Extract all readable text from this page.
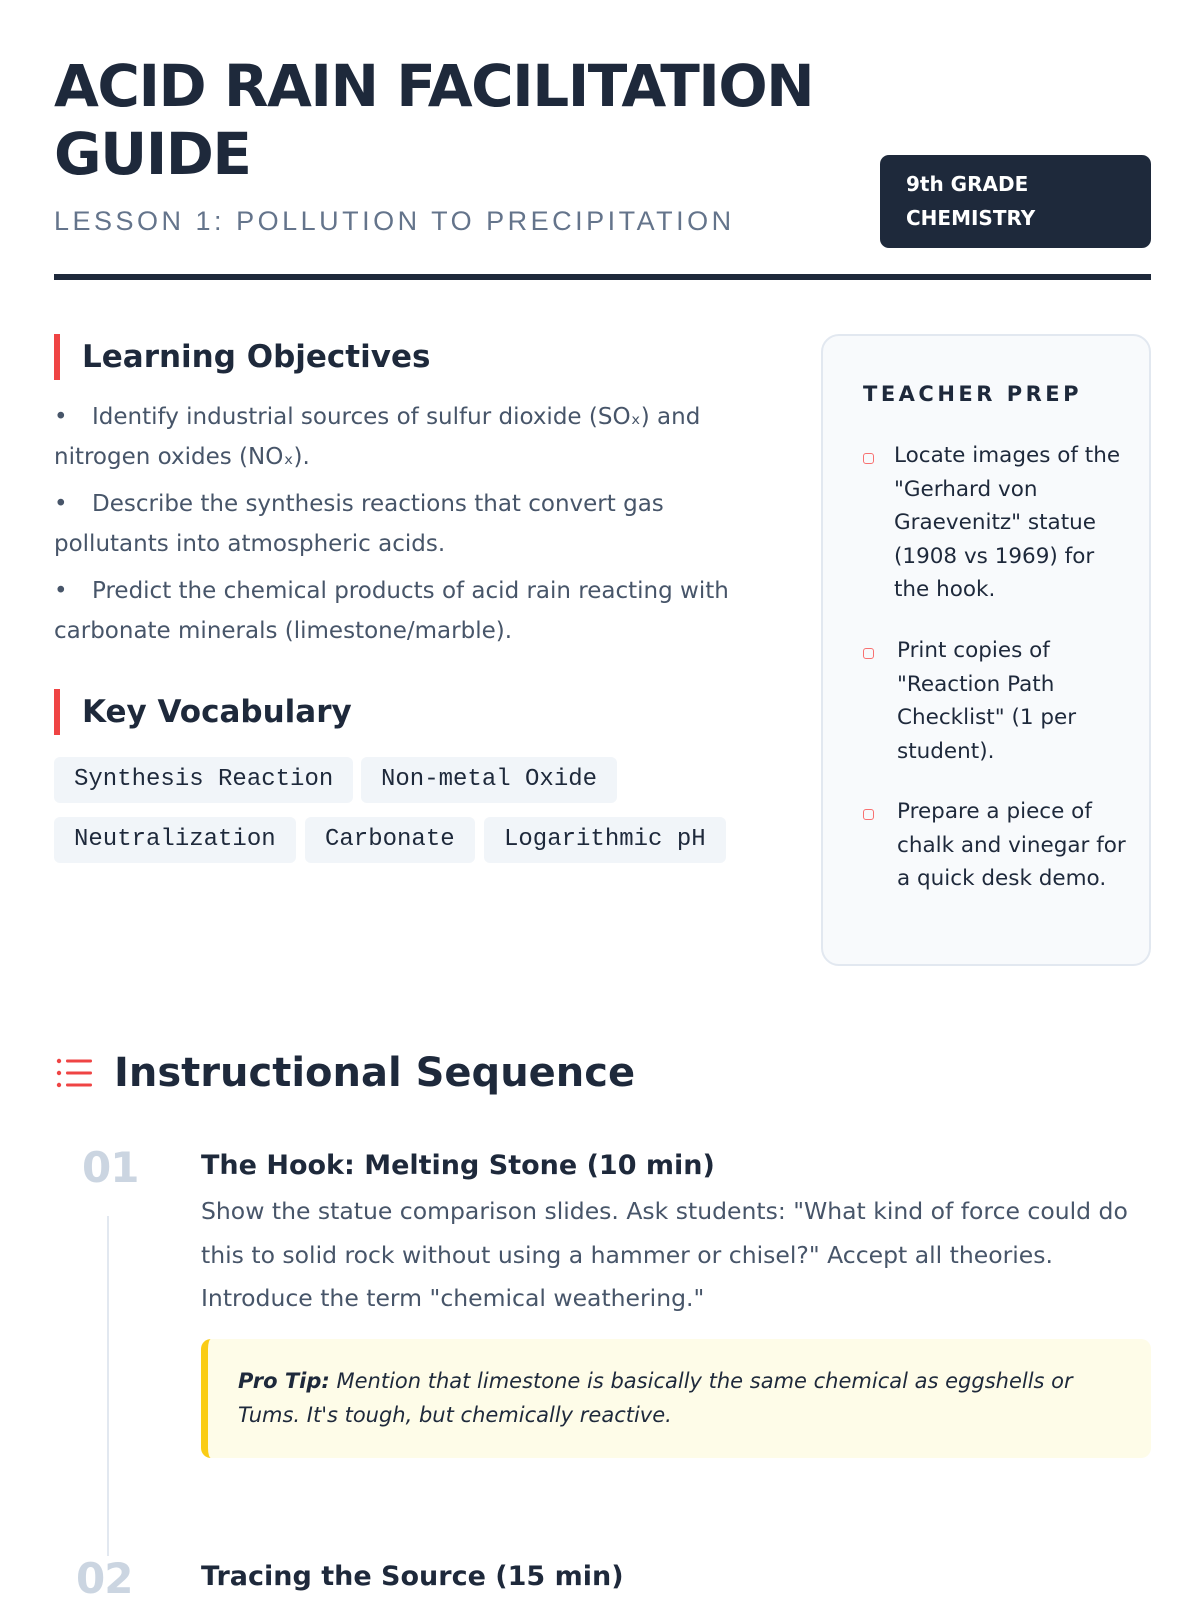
ACID RAIN FACILITATION GUIDE
LESSON 1: POLLUTION TO PRECIPITATION
9th GRADE CHEMISTRY
Learning Objectives
• Identify industrial sources of sulfur dioxide (SOₓ) and nitrogen oxides (NOₓ).
• Describe the synthesis reactions that convert gas pollutants into atmospheric acids.
• Predict the chemical products of acid rain reacting with carbonate minerals (limestone/marble).
Key Vocabulary
Synthesis Reaction	Non-metal Oxide
Neutralization	Carbonate	Logarithmic pH
TEACHER PREP
Locate images of the "Gerhard von Graevenitz" statue (1908 vs 1969) for the hook.
Print copies of "Reaction Path Checklist" (1 per student).
Prepare a piece of chalk and vinegar for a quick desk demo.
Instructional Sequence
01 The Hook: Melting Stone (10 min)

Show the statue comparison slides. Ask students: "What kind of force could do this to solid rock without using a hammer or chisel?" Accept all theories. Introduce the term "chemical weathering."

Pro Tip: Mention that limestone is basically the same chemical as eggshells or Tums. It's tough, but chemically reactive.
02	Tracing the Source (15 min)
